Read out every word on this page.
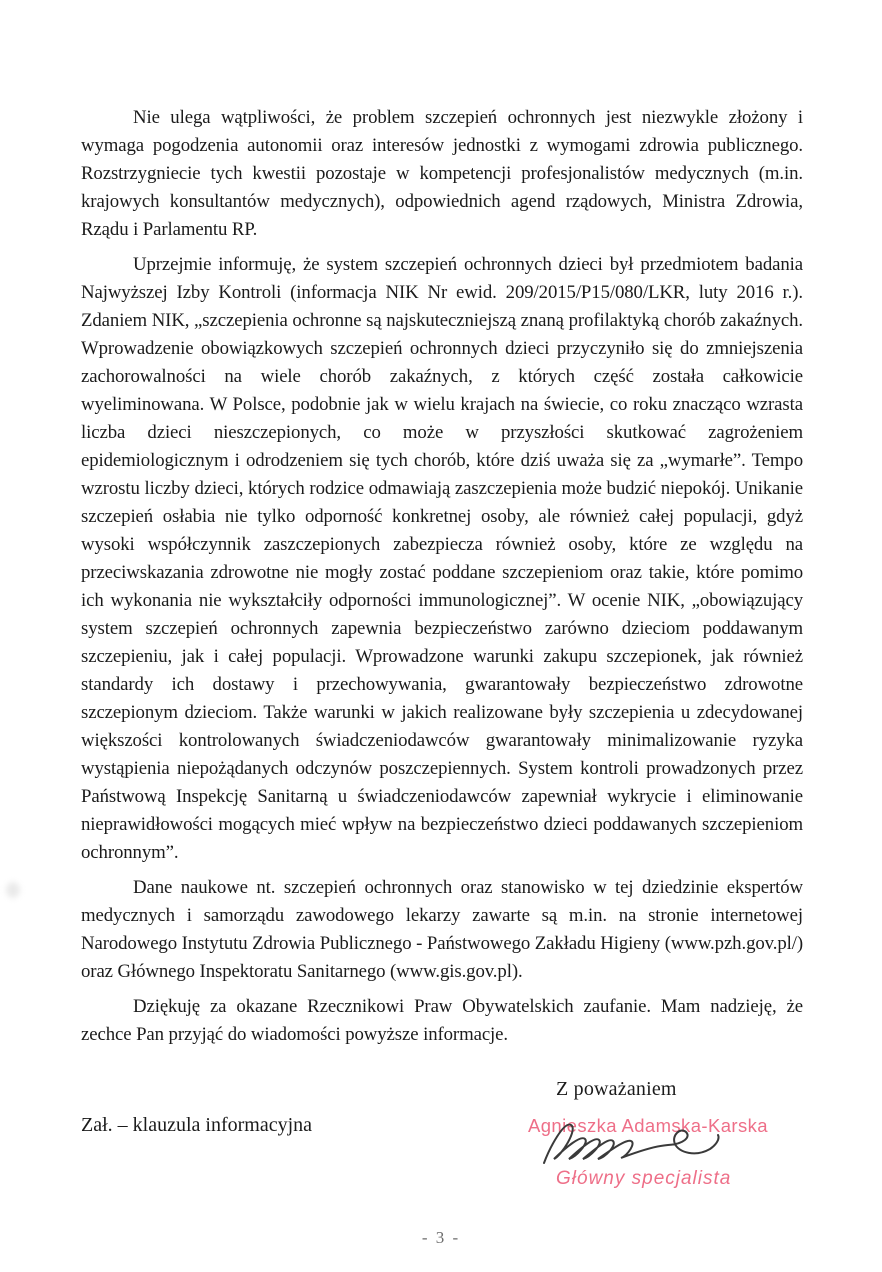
Nie ulega wątpliwości, że problem szczepień ochronnych jest niezwykle złożony i wymaga pogodzenia autonomii oraz interesów jednostki z wymogami zdrowia publicznego. Rozstrzygniecie tych kwestii pozostaje w kompetencji profesjonalistów medycznych (m.in. krajowych konsultantów medycznych), odpowiednich agend rządowych, Ministra Zdrowia, Rządu i Parlamentu RP.

Uprzejmie informuję, że system szczepień ochronnych dzieci był przedmiotem badania Najwyższej Izby Kontroli (informacja NIK Nr ewid. 209/2015/P15/080/LKR, luty 2016 r.). Zdaniem NIK, „szczepienia ochronne są najskuteczniejszą znaną profilaktyką chorób zakaźnych. Wprowadzenie obowiązkowych szczepień ochronnych dzieci przyczyniło się do zmniejszenia zachorowalności na wiele chorób zakaźnych, z których część została całkowicie wyeliminowana. W Polsce, podobnie jak w wielu krajach na świecie, co roku znacząco wzrasta liczba dzieci nieszczepionych, co może w przyszłości skutkować zagrożeniem epidemiologicznym i odrodzeniem się tych chorób, które dziś uważa się za „wymarłe”. Tempo wzrostu liczby dzieci, których rodzice odmawiają zaszczepienia może budzić niepokój. Unikanie szczepień osłabia nie tylko odporność konkretnej osoby, ale również całej populacji, gdyż wysoki współczynnik zaszczepionych zabezpiecza również osoby, które ze względu na przeciwskazania zdrowotne nie mogły zostać poddane szczepieniom oraz takie, które pomimo ich wykonania nie wykształciły odporności immunologicznej”. W ocenie NIK, „obowiązujący system szczepień ochronnych zapewnia bezpieczeństwo zarówno dzieciom poddawanym szczepieniu, jak i całej populacji. Wprowadzone warunki zakupu szczepionek, jak również standardy ich dostawy i przechowywania, gwarantowały bezpieczeństwo zdrowotne szczepionym dzieciom. Także warunki w jakich realizowane były szczepienia u zdecydowanej większości kontrolowanych świadczeniodawców gwarantowały minimalizowanie ryzyka wystąpienia niepożądanych odczynów poszczepiennych. System kontroli prowadzonych przez Państwową Inspekcję Sanitarną u świadczeniodawców zapewniał wykrycie i eliminowanie nieprawidłowości mogących mieć wpływ na bezpieczeństwo dzieci poddawanych szczepieniom ochronnym”.

Dane naukowe nt. szczepień ochronnych oraz stanowisko w tej dziedzinie ekspertów medycznych i samorządu zawodowego lekarzy zawarte są m.in. na stronie internetowej Narodowego Instytutu Zdrowia Publicznego - Państwowego Zakładu Higieny (www.pzh.gov.pl/) oraz Głównego Inspektoratu Sanitarnego (www.gis.gov.pl).

Dziękuję za okazane Rzecznikowi Praw Obywatelskich zaufanie. Mam nadzieję, że zechce Pan przyjąć do wiadomości powyższe informacje.

Z poważaniem
Zał. – klauzula informacyjna	Agnieszka Adamska-Karska
Główny specjalista
- 3 -
